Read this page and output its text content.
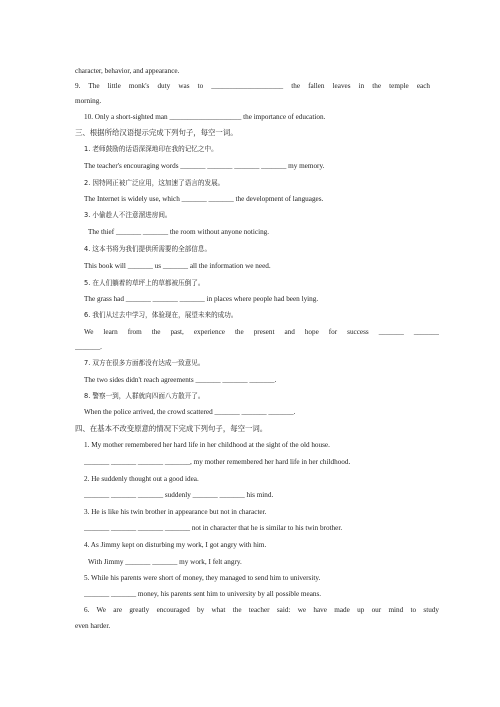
character, behavior, and appearance.
9. The little monk's duty was to ____________________ the fallen leaves in the temple each
morning.
10. Only a short-sighted man ____________________ the importance of education.
三、根据所给汉语提示完成下列句子，每空一词。
1. 老师鼓励的话语深深地印在我的记忆之中。
The teacher's encouraging words _______ _______ _______ _______ my memory.
2. 因特网正被广泛应用，这加速了语言的发展。
The Internet is widely use, which _______ _______ the development of languages.
3. 小偷趁人不注意溜进房间。
The thief _______ _______ the room without anyone noticing.
4. 这本书将为我们提供所需要的全部信息。
This book will _______ us _______ all the information we need.
5. 在人们躺着的草坪上的草都被压倒了。
The grass had _______ _______ _______ in places where people had been lying.
6. 我们从过去中学习，体验现在，展望未来的成功。
We learn from the past, experience the present and hope for success _______ _______
_______.
7. 双方在很多方面都没有达成一致意见。
The two sides didn't reach agreements _______ _______ _______.
8. 警察一到，人群就向四面八方散开了。
When the police arrived, the crowd scattered _______ _______ _______.
四、在基本不改变原意的情况下完成下列句子，每空一词。
1. My mother remembered her hard life in her childhood at the sight of the old house.
_______ _______ _______ _______, my mother remembered her hard life in her childhood.
2. He suddenly thought out a good idea.
_______ _______ _______ suddenly _______ _______ his mind.
3. He is like his twin brother in appearance but not in character.
_______ _______ _______ _______ not in character that he is similar to his twin brother.
4. As Jimmy kept on disturbing my work, I got angry with him.
With Jimmy _______ _______ my work, I felt angry.
5. While his parents were short of money, they managed to send him to university.
_______ _______ money, his parents sent him to university by all possible means.
6. We are greatly encouraged by what the teacher said: we have made up our mind to study
even harder.
